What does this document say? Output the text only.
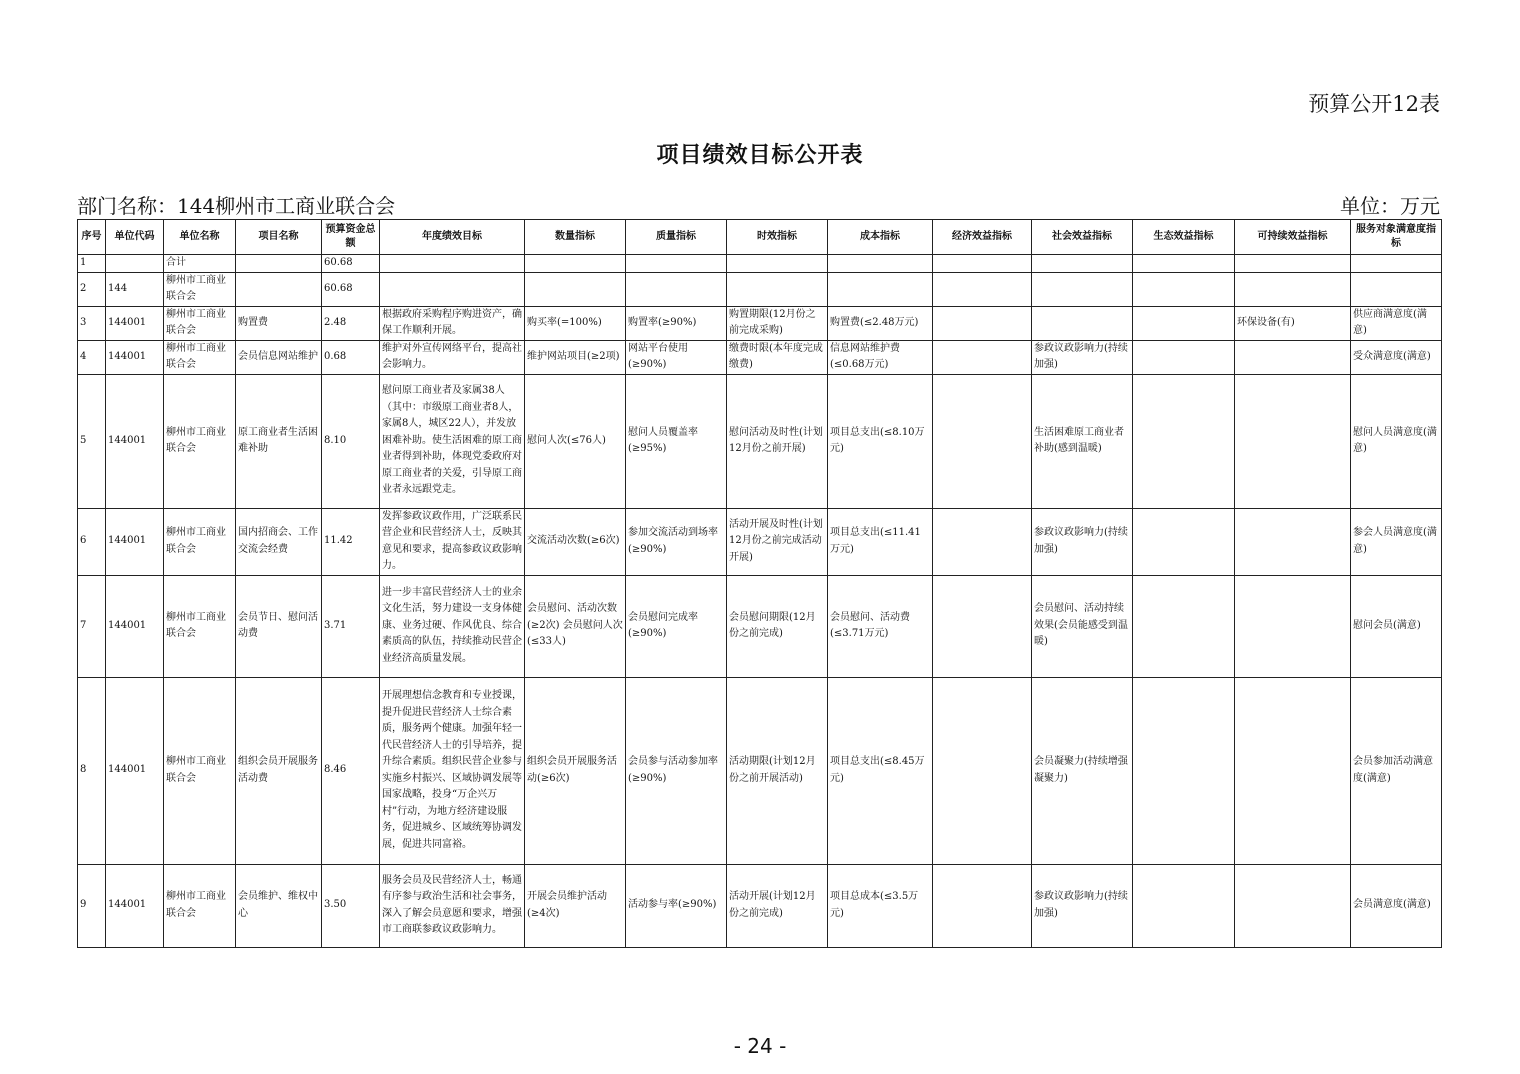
预算公开12表
项目绩效目标公开表
部门名称：144柳州市工商业联合会	单位：万元
序号	单位代码	单位名称	项目名称	预算资金总额	年度绩效目标	数量指标	质量指标	时效指标	成本指标	经济效益指标	社会效益指标	生态效益指标	可持续效益指标	服务对象满意度指标
1		合计		60.68										
2	144	柳州市工商业联合会		60.68										
3	144001	柳州市工商业联合会	购置费	2.48	根据政府采购程序购进资产，确保工作顺利开展。	购买率(=100%)	购置率(≥90%)	购置期限(12月份之前完成采购)	购置费(≤2.48万元)				环保设备(有)	供应商满意度(满意)
4	144001	柳州市工商业联合会	会员信息网站维护	0.68	维护对外宣传网络平台，提高社会影响力。	维护网站项目(≥2项)	网站平台使用(≥90%)	缴费时限(本年度完成缴费)	信息网站维护费(≤0.68万元)		参政议政影响力(持续加强)			受众满意度(满意)
5	144001	柳州市工商业联合会	原工商业者生活困难补助	8.10	慰问原工商业者及家属38人（其中：市级原工商业者8人，家属8人，城区22人），并发放困难补助。使生活困难的原工商业者得到补助，体现党委政府对原工商业者的关爱，引导原工商业者永远跟党走。	慰问人次(≤76人)	慰问人员覆盖率(≥95%)	慰问活动及时性(计划12月份之前开展)	项目总支出(≤8.10万元)		生活困难原工商业者补助(感到温暖)			慰问人员满意度(满意)
6	144001	柳州市工商业联合会	国内招商会、工作交流会经费	11.42	发挥参政议政作用，广泛联系民营企业和民营经济人士，反映其意见和要求，提高参政议政影响力。	交流活动次数(≥6次)	参加交流活动到场率(≥90%)	活动开展及时性(计划12月份之前完成活动开展)	项目总支出(≤11.41万元)		参政议政影响力(持续加强)			参会人员满意度(满意)
7	144001	柳州市工商业联合会	会员节日、慰问活动费	3.71	进一步丰富民营经济人士的业余文化生活，努力建设一支身体健康、业务过硬、作风优良、综合素质高的队伍，持续推动民营企业经济高质量发展。	会员慰问、活动次数(≥2次) 会员慰问人次(≤33人)	会员慰问完成率(≥90%)	会员慰问期限(12月份之前完成)	会员慰问、活动费(≤3.71万元)		会员慰问、活动持续效果(会员能感受到温暖)			慰问会员(满意)
8	144001	柳州市工商业联合会	组织会员开展服务活动费	8.46	开展理想信念教育和专业授课，提升促进民营经济人士综合素质，服务两个健康。加强年轻一代民营经济人士的引导培养，提升综合素质。组织民营企业参与实施乡村振兴、区域协调发展等国家战略，投身“万企兴万村”行动，为地方经济建设服务，促进城乡、区域统筹协调发展，促进共同富裕。	组织会员开展服务活动(≥6次)	会员参与活动参加率(≥90%)	活动期限(计划12月份之前开展活动)	项目总支出(≤8.45万元)		会员凝聚力(持续增强凝聚力)			会员参加活动满意度(满意)
9	144001	柳州市工商业联合会	会员维护、维权中心	3.50	服务会员及民营经济人士，畅通有序参与政治生活和社会事务，深入了解会员意愿和要求，增强市工商联参政议政影响力。	开展会员维护活动(≥4次)	活动参与率(≥90%)	活动开展(计划12月份之前完成)	项目总成本(≤3.5万元)		参政议政影响力(持续加强)			会员满意度(满意)
- 24 -
